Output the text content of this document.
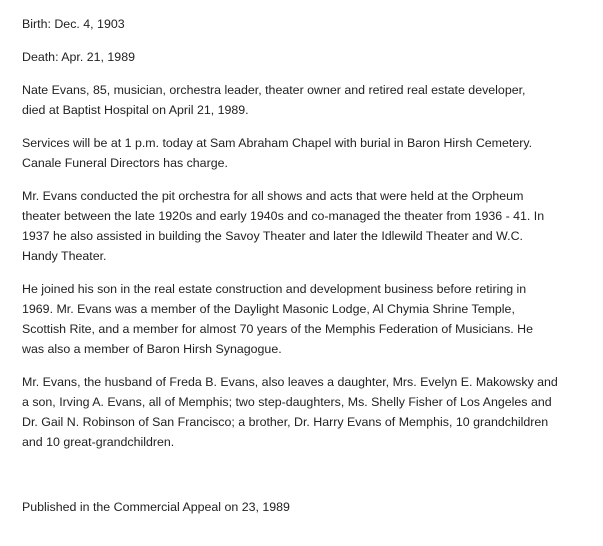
Birth: Dec. 4, 1903

Death: Apr. 21, 1989

Nate Evans, 85, musician, orchestra leader, theater owner and retired real estate developer,
died at Baptist Hospital on April 21, 1989.

Services will be at 1 p.m. today at Sam Abraham Chapel with burial in Baron Hirsh Cemetery.
Canale Funeral Directors has charge.

Mr. Evans conducted the pit orchestra for all shows and acts that were held at the Orpheum
theater between the late 1920s and early 1940s and co-managed the theater from 1936 - 41. In
1937 he also assisted in building the Savoy Theater and later the Idlewild Theater and W.C.
Handy Theater.

He joined his son in the real estate construction and development business before retiring in
1969. Mr. Evans was a member of the Daylight Masonic Lodge, Al Chymia Shrine Temple,
Scottish Rite, and a member for almost 70 years of the Memphis Federation of Musicians. He
was also a member of Baron Hirsh Synagogue.

Mr. Evans, the husband of Freda B. Evans, also leaves a daughter, Mrs. Evelyn E. Makowsky and
a son, Irving A. Evans, all of Memphis; two step-daughters, Ms. Shelly Fisher of Los Angeles and
Dr. Gail N. Robinson of San Francisco; a brother, Dr. Harry Evans of Memphis, 10 grandchildren
and 10 great-grandchildren.

Published in the Commercial Appeal on 23, 1989
